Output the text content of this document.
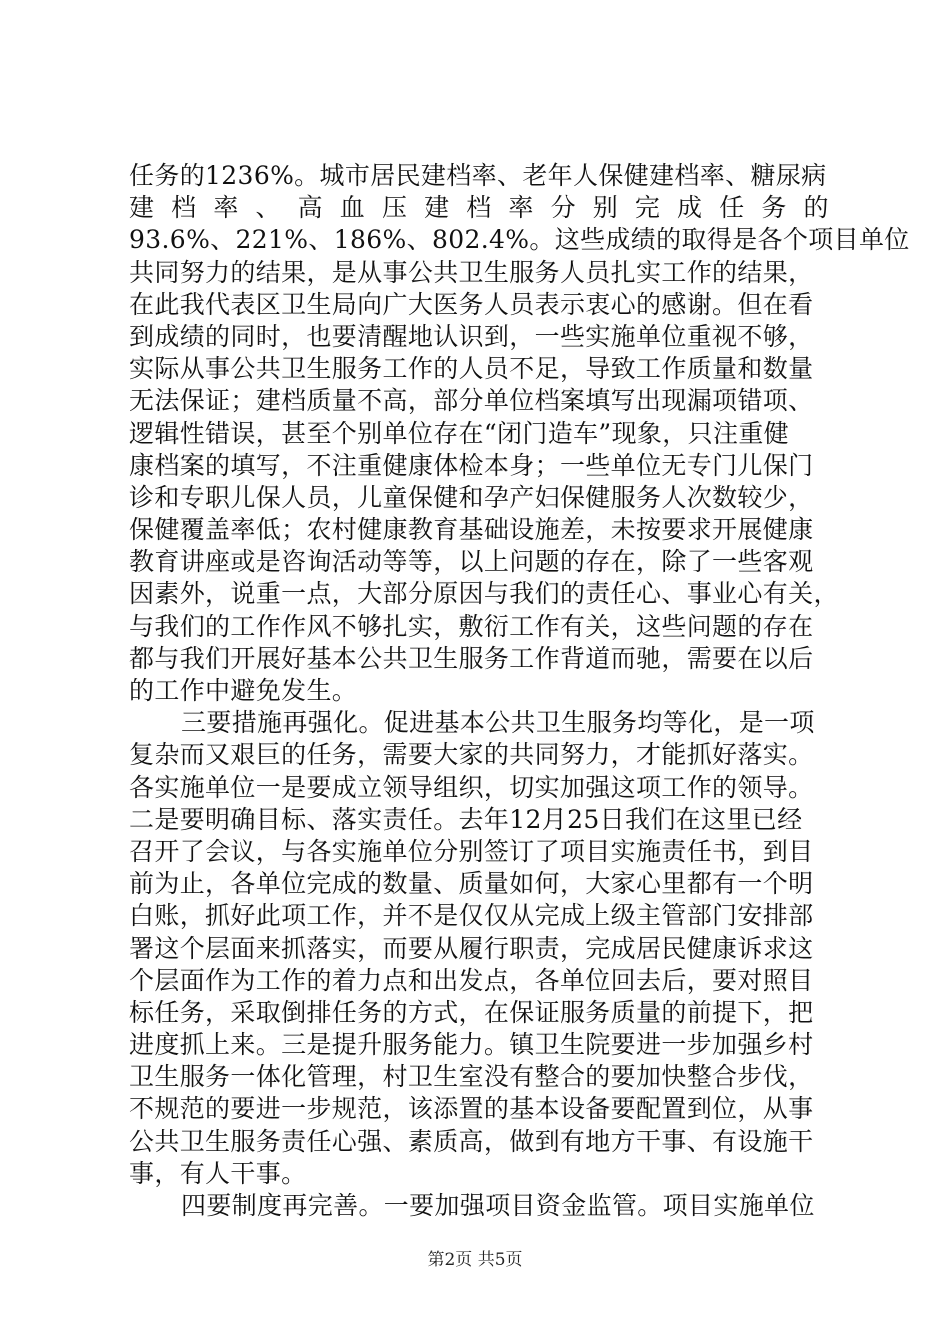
任务的1236%。城市居民建档率、老年人保健建档率、糖尿病
建 档 率 、 高 血 压 建 档 率 分 别 完 成 任 务 的
93.6%、221%、186%、802.4%。这些成绩的取得是各个项目单位
共同努力的结果，是从事公共卫生服务人员扎实工作的结果，
在此我代表区卫生局向广大医务人员表示衷心的感谢。但在看
到成绩的同时，也要清醒地认识到，一些实施单位重视不够，
实际从事公共卫生服务工作的人员不足，导致工作质量和数量
无法保证；建档质量不高，部分单位档案填写出现漏项错项、
逻辑性错误，甚至个别单位存在“闭门造车”现象，只注重健
康档案的填写，不注重健康体检本身；一些单位无专门儿保门
诊和专职儿保人员，儿童保健和孕产妇保健服务人次数较少，
保健覆盖率低；农村健康教育基础设施差，未按要求开展健康
教育讲座或是咨询活动等等，以上问题的存在，除了一些客观
因素外，说重一点，大部分原因与我们的责任心、事业心有关，
与我们的工作作风不够扎实，敷衍工作有关，这些问题的存在
都与我们开展好基本公共卫生服务工作背道而驰，需要在以后
的工作中避免发生。
三要措施再强化。促进基本公共卫生服务均等化，是一项
复杂而又艰巨的任务，需要大家的共同努力，才能抓好落实。
各实施单位一是要成立领导组织，切实加强这项工作的领导。
二是要明确目标、落实责任。去年12月25日我们在这里已经
召开了会议，与各实施单位分别签订了项目实施责任书，到目
前为止，各单位完成的数量、质量如何，大家心里都有一个明
白账，抓好此项工作，并不是仅仅从完成上级主管部门安排部
署这个层面来抓落实，而要从履行职责，完成居民健康诉求这
个层面作为工作的着力点和出发点，各单位回去后，要对照目
标任务，采取倒排任务的方式，在保证服务质量的前提下，把
进度抓上来。三是提升服务能力。镇卫生院要进一步加强乡村
卫生服务一体化管理，村卫生室没有整合的要加快整合步伐，
不规范的要进一步规范，该添置的基本设备要配置到位，从事
公共卫生服务责任心强、素质高，做到有地方干事、有设施干
事，有人干事。
四要制度再完善。一要加强项目资金监管。项目实施单位
第2页 共5页
